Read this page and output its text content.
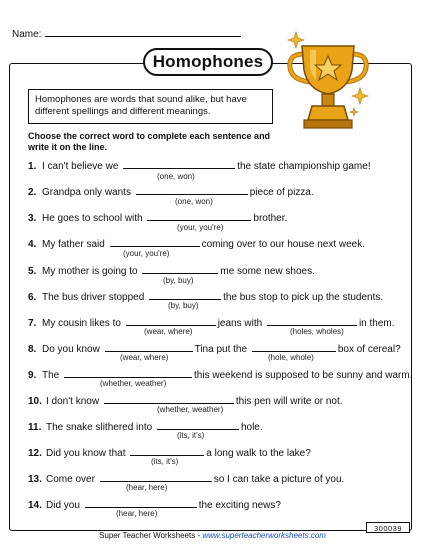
Name:
Homophones
Homophones are words that sound alike, but have different spellings and different meanings.
Choose the correct word to complete each sentence and write it on the line.
1. I can't believe we	the state championship game!
(one, won)
2. Grandpa only wants	piece of pizza.
(one, won)
3. He goes to school with	brother.
(your, you're)
4. My father said	coming over to our house next week.
(your, you're)
5. My mother is going to	me some new shoes.
(by, buy)
6. The bus driver stopped	the bus stop to pick up the students.
(by, buy)
7. My cousin likes to	jeans with	in them.
(wear, where)	(holes, wholes)
8. Do you know	Tina put the	box of cereal?
(wear, where)	(hole, whole)
9. The	this weekend is supposed to be sunny and warm.
(whether, weather)
10. I don't know	this pen will write or not.
(whether, weather)
11. The snake slithered into	hole.
(its, it's)
12. Did you know that	a long walk to the lake?
(its, it's)
13. Come over	so I can take a picture of you.
(hear, here)
14. Did you	the exciting news?
(hear, here)
300039
Super Teacher Worksheets - www.superteacherworksheets.com
